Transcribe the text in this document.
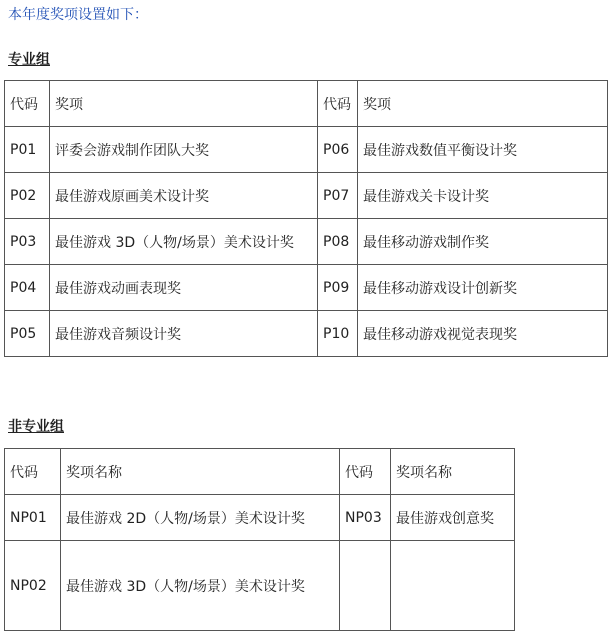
本年度奖项设置如下：
专业组
代码	奖项	代码	奖项
P01	评委会游戏制作团队大奖	P06	最佳游戏数值平衡设计奖
P02	最佳游戏原画美术设计奖	P07	最佳游戏关卡设计奖
P03	最佳游戏 3D（人物/场景）美术设计奖	P08	最佳移动游戏制作奖
P04	最佳游戏动画表现奖	P09	最佳移动游戏设计创新奖
P05	最佳游戏音频设计奖	P10	最佳移动游戏视觉表现奖
非专业组
代码	奖项名称	代码	奖项名称
NP01	最佳游戏 2D（人物/场景）美术设计奖	NP03	最佳游戏创意奖
NP02	最佳游戏 3D（人物/场景）美术设计奖		
